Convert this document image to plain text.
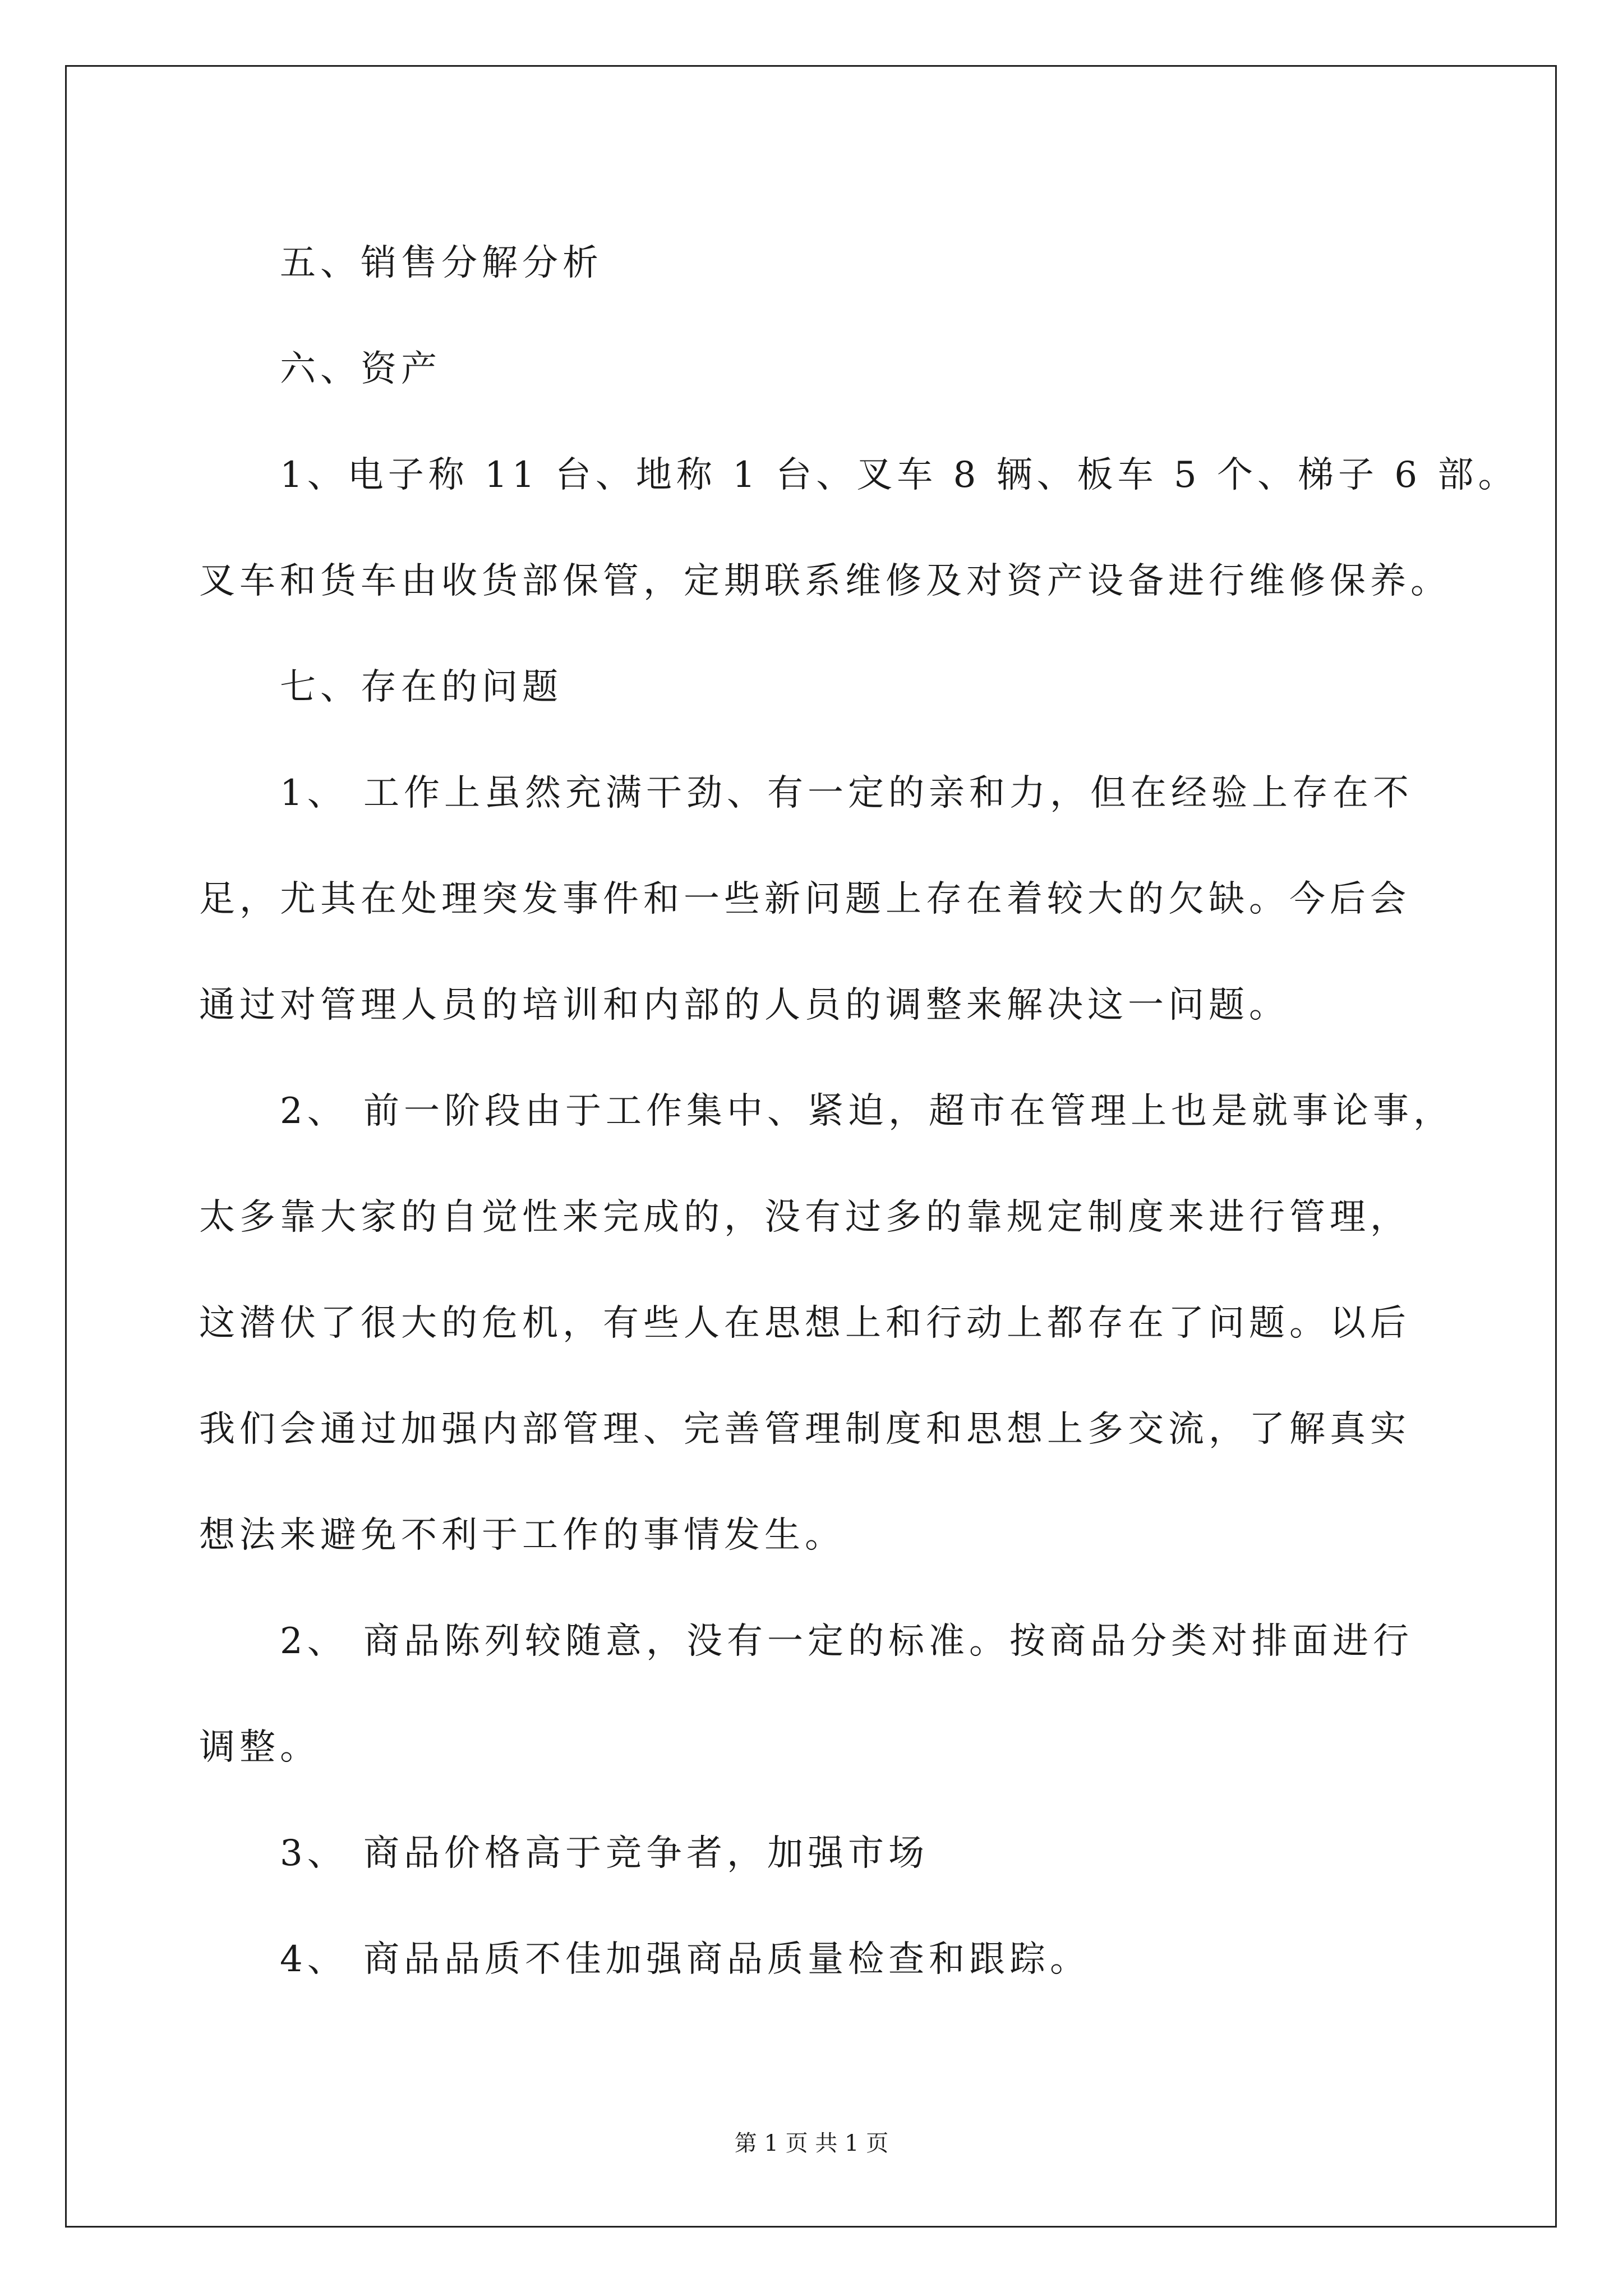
五、销售分解分析

六、资产

1、电子称 11 台、地称 1 台、叉车 8 辆、板车 5 个、梯子 6 部。

叉车和货车由收货部保管，定期联系维修及对资产设备进行维修保养。

七、存在的问题

1、 工作上虽然充满干劲、有一定的亲和力，但在经验上存在不

足，尤其在处理突发事件和一些新问题上存在着较大的欠缺。今后会

通过对管理人员的培训和内部的人员的调整来解决这一问题。

2、 前一阶段由于工作集中、紧迫，超市在管理上也是就事论事，

太多靠大家的自觉性来完成的，没有过多的靠规定制度来进行管理，

这潜伏了很大的危机，有些人在思想上和行动上都存在了问题。以后

我们会通过加强内部管理、完善管理制度和思想上多交流，了解真实

想法来避免不利于工作的事情发生。

2、 商品陈列较随意，没有一定的标准。按商品分类对排面进行

调整。

3、 商品价格高于竞争者，加强市场

4、 商品品质不佳加强商品质量检查和跟踪。

第 1 页 共 1 页
